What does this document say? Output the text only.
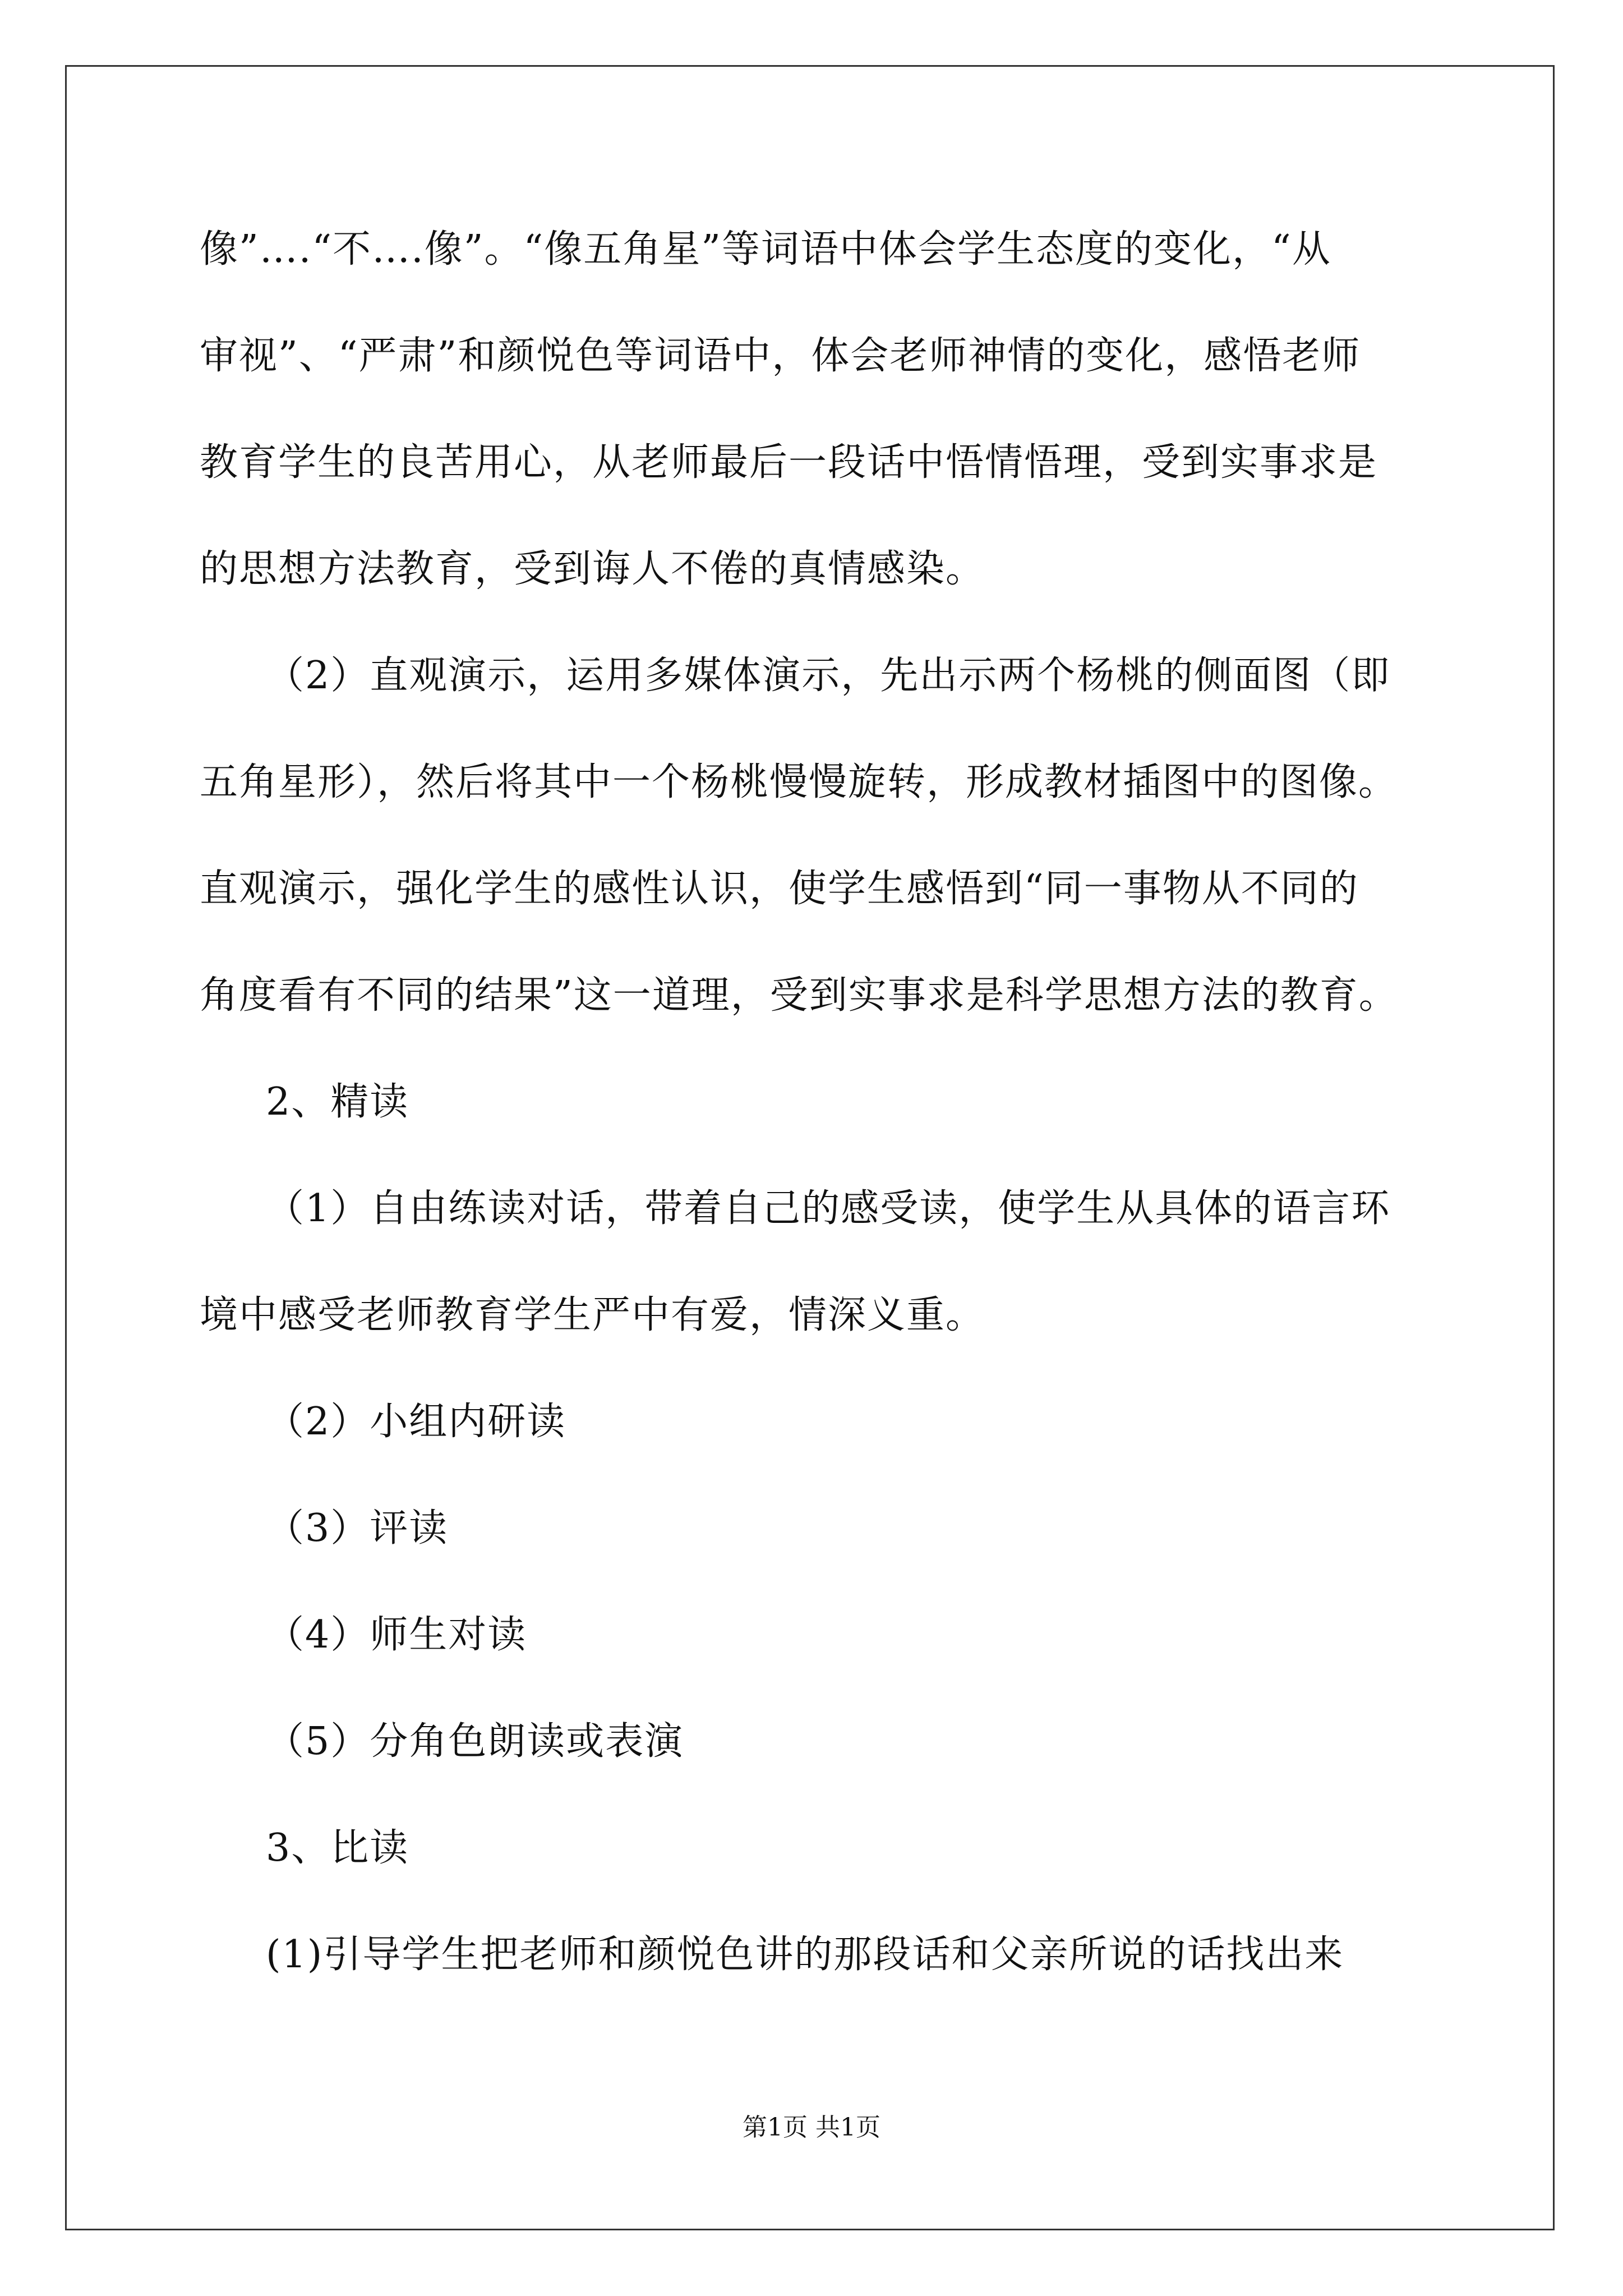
像”….“不….像”。“像五角星”等词语中体会学生态度的变化，“从
审视”、“严肃”和颜悦色等词语中，体会老师神情的变化，感悟老师
教育学生的良苦用心，从老师最后一段话中悟情悟理，受到实事求是
的思想方法教育，受到诲人不倦的真情感染。
（2）直观演示，运用多媒体演示，先出示两个杨桃的侧面图（即
五角星形），然后将其中一个杨桃慢慢旋转，形成教材插图中的图像。
直观演示，强化学生的感性认识，使学生感悟到“同一事物从不同的
角度看有不同的结果”这一道理，受到实事求是科学思想方法的教育。
2、精读
（1）自由练读对话，带着自己的感受读，使学生从具体的语言环
境中感受老师教育学生严中有爱，情深义重。
（2）小组内研读
（3）评读
（4）师生对读
（5）分角色朗读或表演
3、比读
(1)引导学生把老师和颜悦色讲的那段话和父亲所说的话找出来
第1页 共1页
